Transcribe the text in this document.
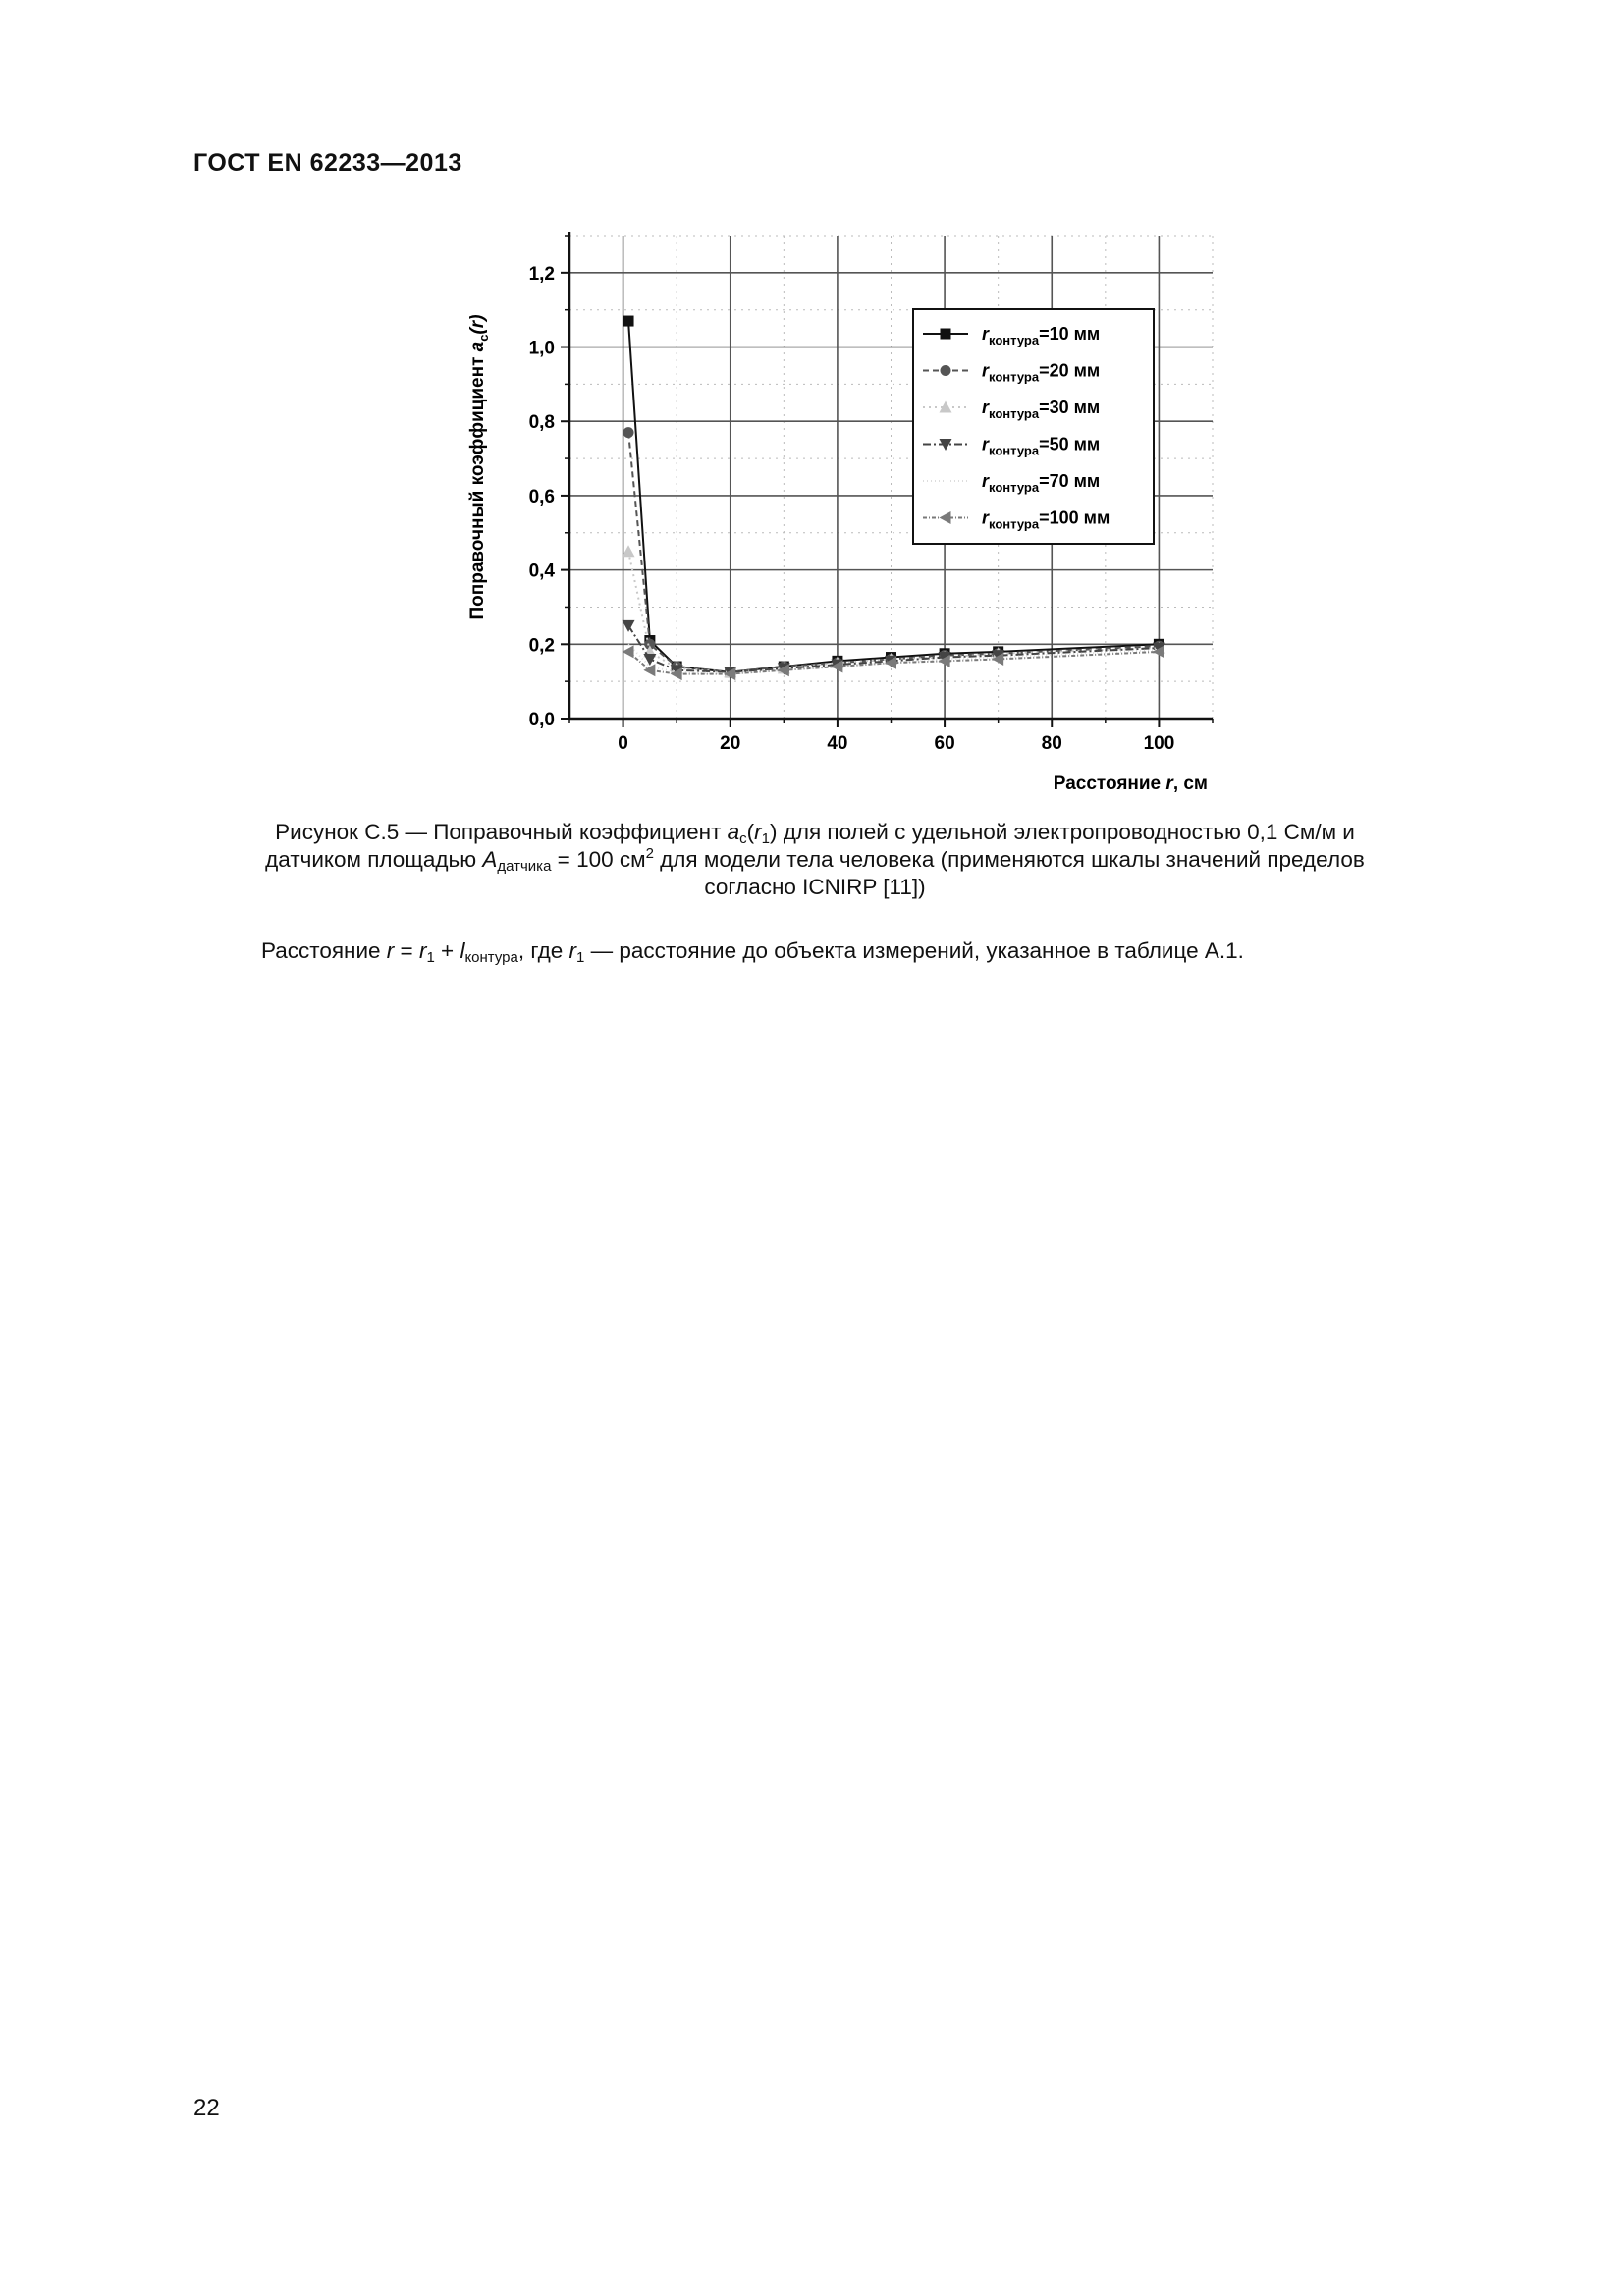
ГОСТ EN 62233—2013
0	20	40	60	80	100
0,0
0,2
0,4
0,6
0,8
1,0
1,2
Расстояние r, см
Поправочный коэффициент $a_c(r)$	$r_{контура}=10$ мм
$r_{контура}=20$ мм
$r_{контура}=30$ мм
$r_{контура}=50$ мм
$r_{контура}=70$ мм
$r_{контура}=100$ мм
Рисунок С.5 — Поправочный коэффициент $a_c(r_1)$ для полей с удельной электропроводностью 0,1 См/м и
датчиком площадью $A_{датчика} = 100$ $см^2$ для модели тела человека (применяются шкалы значений пределов
согласно ICNIRP [11])
Расстояние $r = r_1 + l_{контура}$, где $r_1$ — расстояние до объекта измерений, указанное в таблице А.1.
22
